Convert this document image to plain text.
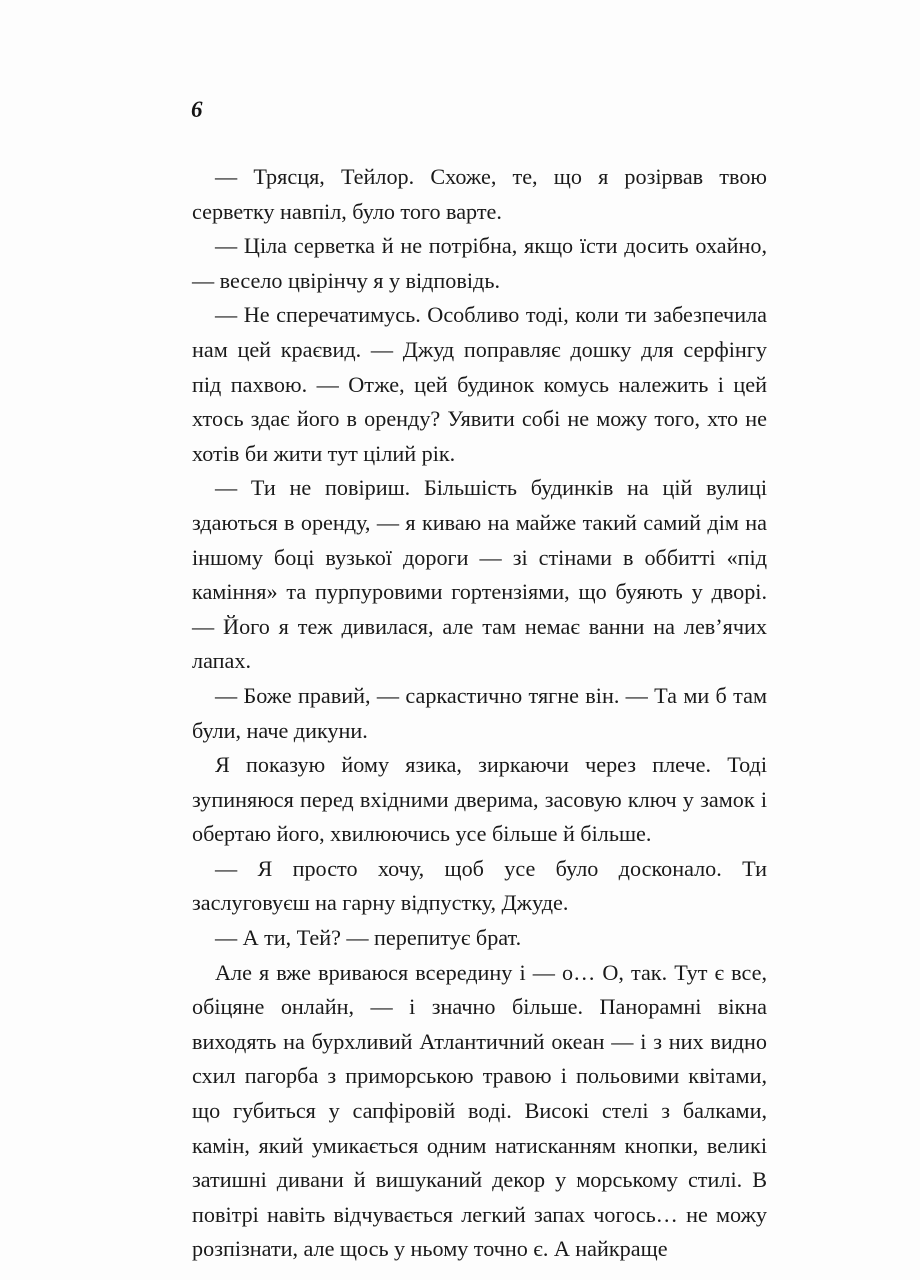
6

— Трясця, Тейлор. Схоже, те, що я розірвав твою серветку навпіл, було того варте.

— Ціла серветка й не потрібна, якщо їсти досить охайно, — весело цвірінчу я у відповідь.

— Не сперечатимусь. Особливо тоді, коли ти забезпечила нам цей краєвид. — Джуд поправляє дошку для серфінгу під пахвою. — Отже, цей будинок комусь належить і цей хтось здає його в оренду? Уявити собі не можу того, хто не хотів би жити тут цілий рік.

— Ти не повіриш. Більшість будинків на цій вулиці здаються в оренду, — я киваю на майже такий самий дім на іншому боці вузької дороги — зі стінами в оббитті «під каміння» та пурпуровими гортензіями, що буяють у дворі. — Його я теж дивилася, але там немає ванни на лев’ячих лапах.

— Боже правий, — саркастично тягне він. — Та ми б там були, наче дикуни.

Я показую йому язика, зиркаючи через плече. Тоді зупиняюся перед вхідними дверима, засовую ключ у замок і обертаю його, хвилюючись усе більше й більше.

— Я просто хочу, щоб усе було досконало. Ти заслуговуєш на гарну відпустку, Джуде.

— А ти, Тей? — перепитує брат.

Але я вже вриваюся всередину і — о… О, так. Тут є все, обіцяне онлайн, — і значно більше. Панорамні вікна виходять на бурхливий Атлантичний океан — і з них видно схил пагорба з приморською травою і польовими квітами, що губиться у сапфіровій воді. Високі стелі з балками, камін, який умикається одним натисканням кнопки, великі затишні дивани й вишуканий декор у морському стилі. В повітрі навіть відчувається легкий запах чогось… не можу розпізнати, але щось у ньому точно є. А найкраще
